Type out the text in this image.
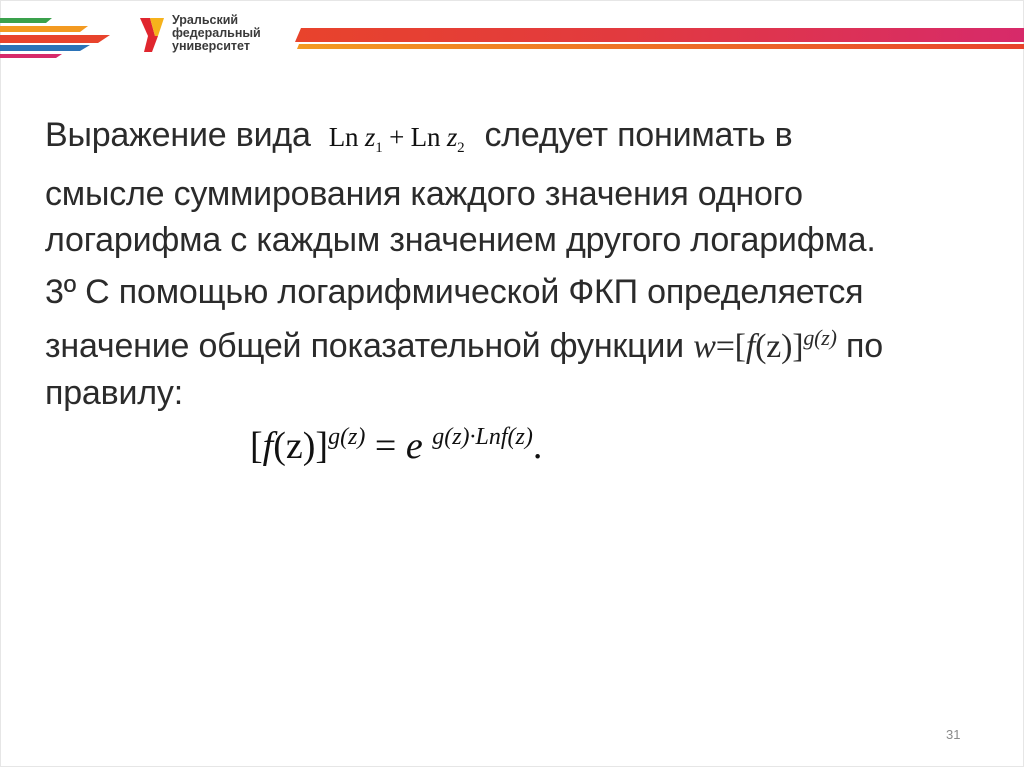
Уральский
федеральный
университет

Выражение вида Ln $z_1 + Ln$ $z_2$ следует понимать в
смысле суммирования каждого значения одного
логарифма с каждым значением другого логарифма.

3º С помощью логарифмической ФКП определяется
значение общей показательной функции $w=[f(z)]^{g(z)}$ по
правилу:

$[f(z)]^{g(z)} = e$ $^{g(z)\cdot Lnf(z)}$.
31
